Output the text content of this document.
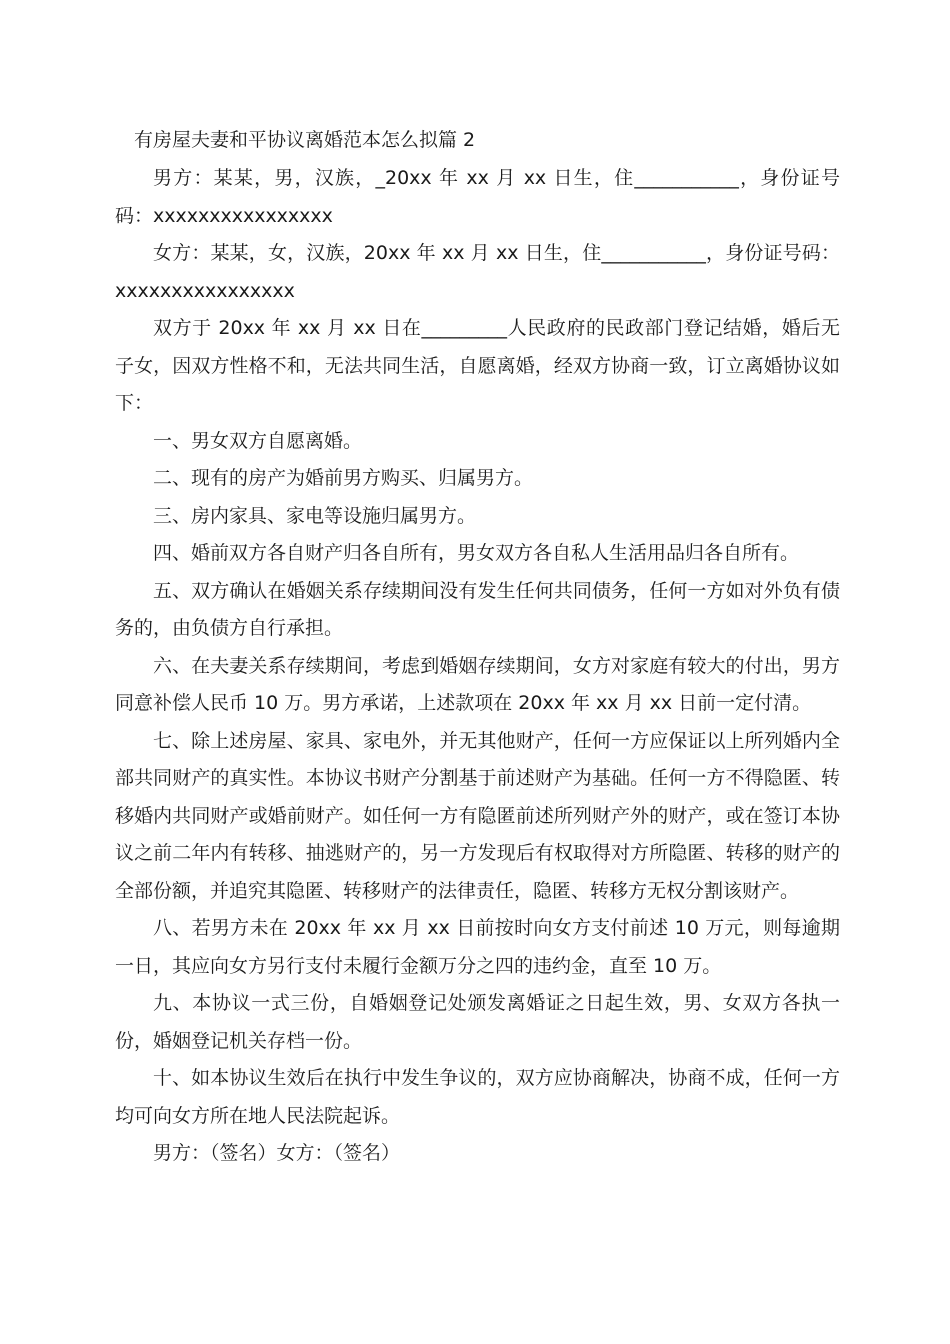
有房屋夫妻和平协议离婚范本怎么拟篇 2

男方：某某，男，汉族，_20xx 年 xx 月 xx 日生，住___________，身份证号码：xxxxxxxxxxxxxxxx

女方：某某，女，汉族，20xx 年 xx 月 xx 日生，住___________，身份证号码：xxxxxxxxxxxxxxxx

双方于 20xx 年 xx 月 xx 日在_________人民政府的民政部门登记结婚，婚后无子女，因双方性格不和，无法共同生活，自愿离婚，经双方协商一致，订立离婚协议如下：

一、男女双方自愿离婚。

二、现有的房产为婚前男方购买、归属男方。

三、房内家具、家电等设施归属男方。

四、婚前双方各自财产归各自所有，男女双方各自私人生活用品归各自所有。

五、双方确认在婚姻关系存续期间没有发生任何共同债务，任何一方如对外负有债务的，由负债方自行承担。

六、在夫妻关系存续期间，考虑到婚姻存续期间，女方对家庭有较大的付出，男方同意补偿人民币 10 万。男方承诺，上述款项在 20xx 年 xx 月 xx 日前一定付清。

七、除上述房屋、家具、家电外，并无其他财产，任何一方应保证以上所列婚内全部共同财产的真实性。本协议书财产分割基于前述财产为基础。任何一方不得隐匿、转移婚内共同财产或婚前财产。如任何一方有隐匿前述所列财产外的财产，或在签订本协议之前二年内有转移、抽逃财产的，另一方发现后有权取得对方所隐匿、转移的财产的全部份额，并追究其隐匿、转移财产的法律责任，隐匿、转移方无权分割该财产。

八、若男方未在 20xx 年 xx 月 xx 日前按时向女方支付前述 10 万元，则每逾期一日，其应向女方另行支付未履行金额万分之四的违约金，直至 10 万。

九、本协议一式三份，自婚姻登记处颁发离婚证之日起生效，男、女双方各执一份，婚姻登记机关存档一份。

十、如本协议生效后在执行中发生争议的，双方应协商解决，协商不成，任何一方均可向女方所在地人民法院起诉。

男方：（签名）女方：（签名）
